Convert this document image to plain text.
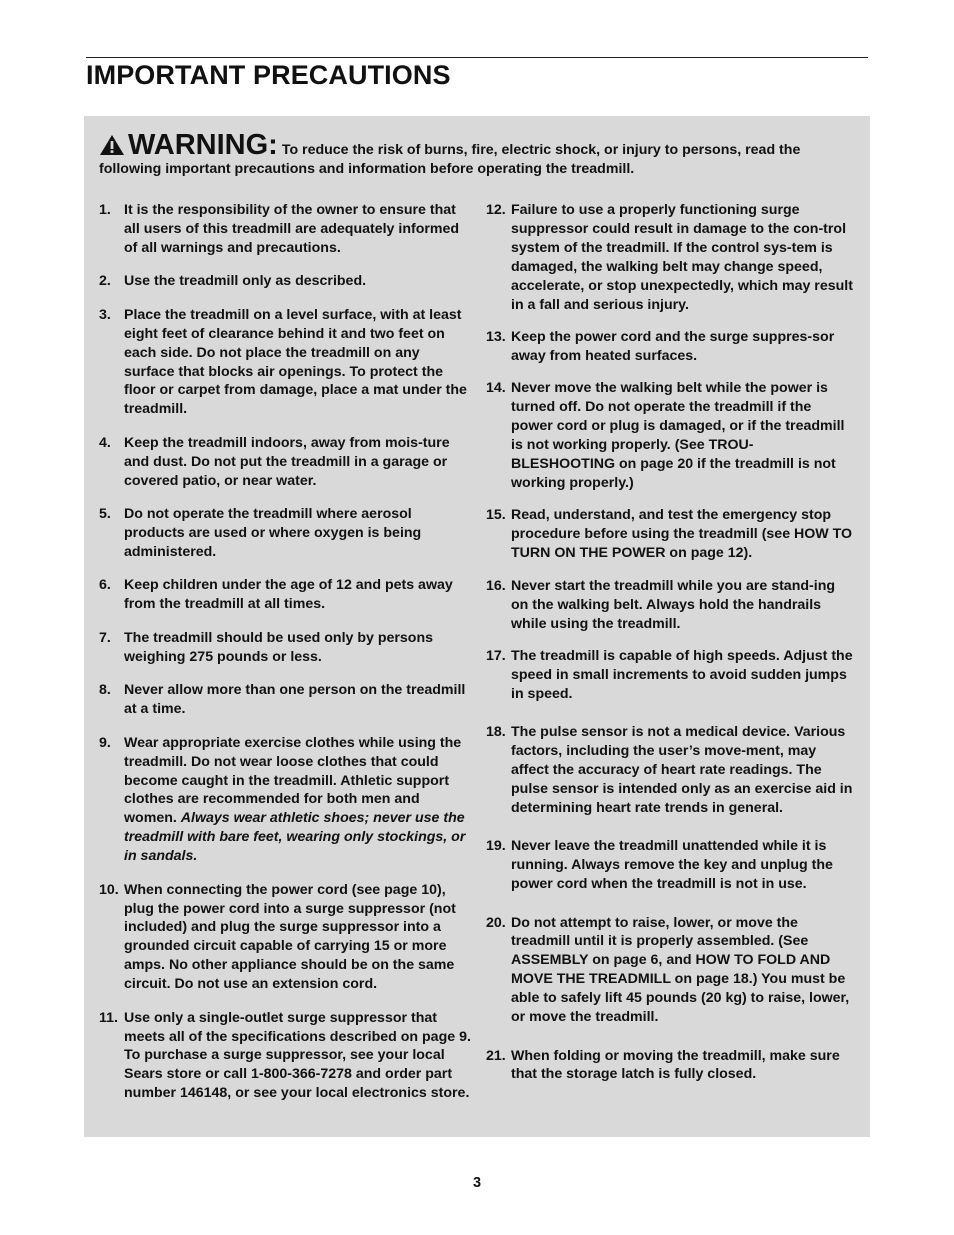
IMPORTANT PRECAUTIONS
WARNING: To reduce the risk of burns, fire, electric shock, or injury to persons, read the following important precautions and information before operating the treadmill.
1. It is the responsibility of the owner to ensure that all users of this treadmill are adequately informed of all warnings and precautions.
2. Use the treadmill only as described.
3. Place the treadmill on a level surface, with at least eight feet of clearance behind it and two feet on each side. Do not place the treadmill on any surface that blocks air openings. To protect the floor or carpet from damage, place a mat under the treadmill.
4. Keep the treadmill indoors, away from mois-ture and dust. Do not put the treadmill in a garage or covered patio, or near water.
5. Do not operate the treadmill where aerosol products are used or where oxygen is being administered.
6. Keep children under the age of 12 and pets away from the treadmill at all times.
7. The treadmill should be used only by persons weighing 275 pounds or less.
8. Never allow more than one person on the treadmill at a time.
9. Wear appropriate exercise clothes while using the treadmill. Do not wear loose clothes that could become caught in the treadmill. Athletic support clothes are recommended for both men and women. Always wear athletic shoes; never use the treadmill with bare feet, wearing only stockings, or in sandals.
10. When connecting the power cord (see page 10), plug the power cord into a surge suppressor (not included) and plug the surge suppressor into a grounded circuit capable of carrying 15 or more amps. No other appliance should be on the same circuit. Do not use an extension cord.
11. Use only a single-outlet surge suppressor that meets all of the specifications described on page 9. To purchase a surge suppressor, see your local Sears store or call 1-800-366-7278 and order part number 146148, or see your local electronics store.
12. Failure to use a properly functioning surge suppressor could result in damage to the con-trol system of the treadmill. If the control sys-tem is damaged, the walking belt may change speed, accelerate, or stop unexpectedly, which may result in a fall and serious injury.
13. Keep the power cord and the surge suppres-sor away from heated surfaces.
14. Never move the walking belt while the power is turned off. Do not operate the treadmill if the power cord or plug is damaged, or if the treadmill is not working properly. (See TROU-BLESHOOTING on page 20 if the treadmill is not working properly.)
15. Read, understand, and test the emergency stop procedure before using the treadmill (see HOW TO TURN ON THE POWER on page 12).
16. Never start the treadmill while you are stand-ing on the walking belt. Always hold the handrails while using the treadmill.
17. The treadmill is capable of high speeds. Adjust the speed in small increments to avoid sudden jumps in speed.
18. The pulse sensor is not a medical device. Various factors, including the user’s move-ment, may affect the accuracy of heart rate readings. The pulse sensor is intended only as an exercise aid in determining heart rate trends in general.
19. Never leave the treadmill unattended while it is running. Always remove the key and unplug the power cord when the treadmill is not in use.
20. Do not attempt to raise, lower, or move the treadmill until it is properly assembled. (See ASSEMBLY on page 6, and HOW TO FOLD AND MOVE THE TREADMILL on page 18.) You must be able to safely lift 45 pounds (20 kg) to raise, lower, or move the treadmill.
21. When folding or moving the treadmill, make sure that the storage latch is fully closed.
3
